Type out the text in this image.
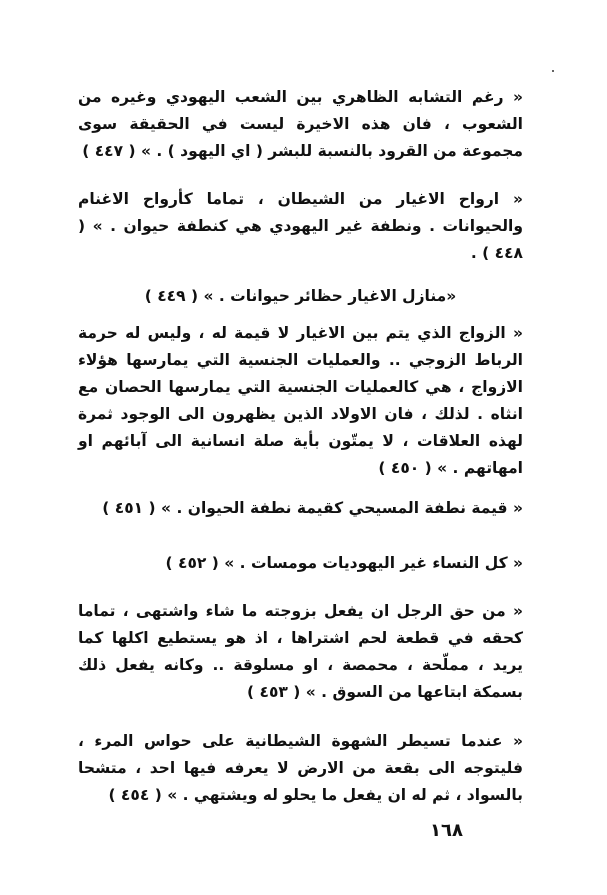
« رغم التشابه الظاهري بين الشعب اليهودي وغيره من الشعوب ، فان هذه الاخيرة ليست في الحقيقة سوى مجموعة من القرود بالنسبة للبشر ( اي اليهود ) . » ( ٤٤٧ )

« ارواح الاغيار من الشيطان ، تماما كأرواح الاغنام والحيوانات . ونطفة غير اليهودي هي كنطفة حيوان . » ( ٤٤٨ ) .

«منازل الاغيار حظائر حيوانات . » ( ٤٤٩ )

« الزواج الذي يتم بين الاغيار لا قيمة له ، وليس له حرمة الرباط الزوجي .. والعمليات الجنسية التي يمارسها هؤلاء الازواج ، هي كالعمليات الجنسية التي يمارسها الحصان مع انثاه . لذلك ، فان الاولاد الذين يظهرون الى الوجود ثمرة لهذه العلاقات ، لا يمتّون بأية صلة انسانية الى آبائهم او امهاتهم . » ( ٤٥٠ )

« قيمة نطفة المسيحي كقيمة نطفة الحيوان . » ( ٤٥١ )

« كل النساء غير اليهوديات مومسات . » ( ٤٥٢ )

« من حق الرجل ان يفعل بزوجته ما شاء واشتهى ، تماما كحقه في قطعة لحم اشتراها ، اذ هو يستطيع اكلها كما يريد ، مملّحة ، محمصة ، او مسلوقة .. وكانه يفعل ذلك بسمكة ابتاعها من السوق . » ( ٤٥٣ )

« عندما تسيطر الشهوة الشيطانية على حواس المرء ، فليتوجه الى بقعة من الارض لا يعرفه فيها احد ، متشحا بالسواد ، ثم له ان يفعل ما يحلو له ويشتهي . » ( ٤٥٤ )

١٦٨
